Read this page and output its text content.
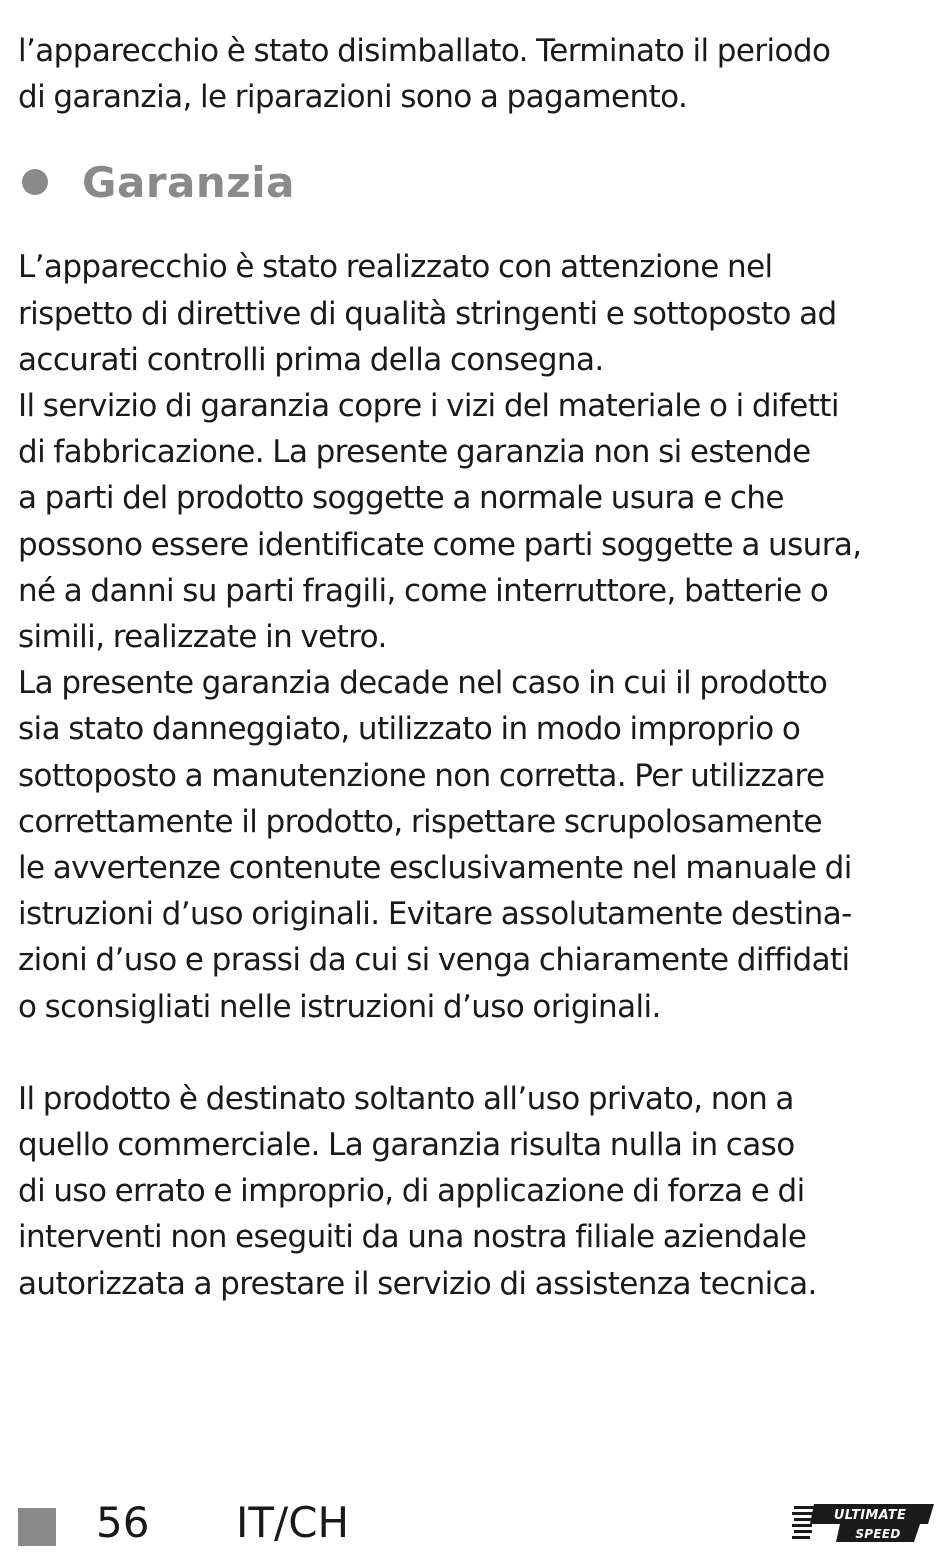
l’apparecchio è stato disimballato. Terminato il periodo
di garanzia, le riparazioni sono a pagamento.

Garanzia

L’apparecchio è stato realizzato con attenzione nel
rispetto di direttive di qualità stringenti e sottoposto ad
accurati controlli prima della consegna.
Il servizio di garanzia copre i vizi del materiale o i difetti
di fabbricazione. La presente garanzia non si estende
a parti del prodotto soggette a normale usura e che
possono essere identificate come parti soggette a usura,
né a danni su parti fragili, come interruttore, batterie o
simili, realizzate in vetro.
La presente garanzia decade nel caso in cui il prodotto
sia stato danneggiato, utilizzato in modo improprio o
sottoposto a manutenzione non corretta. Per utilizzare
correttamente il prodotto, rispettare scrupolosamente
le avvertenze contenute esclusivamente nel manuale di
istruzioni d’uso originali. Evitare assolutamente destina-
zioni d’uso e prassi da cui si venga chiaramente diffidati
o sconsigliati nelle istruzioni d’uso originali.

Il prodotto è destinato soltanto all’uso privato, non a
quello commerciale. La garanzia risulta nulla in caso
di uso errato e improprio, di applicazione di forza e di
interventi non eseguiti da una nostra filiale aziendale
autorizzata a prestare il servizio di assistenza tecnica.

56 IT/CH	ULTIMATE
SPEED
